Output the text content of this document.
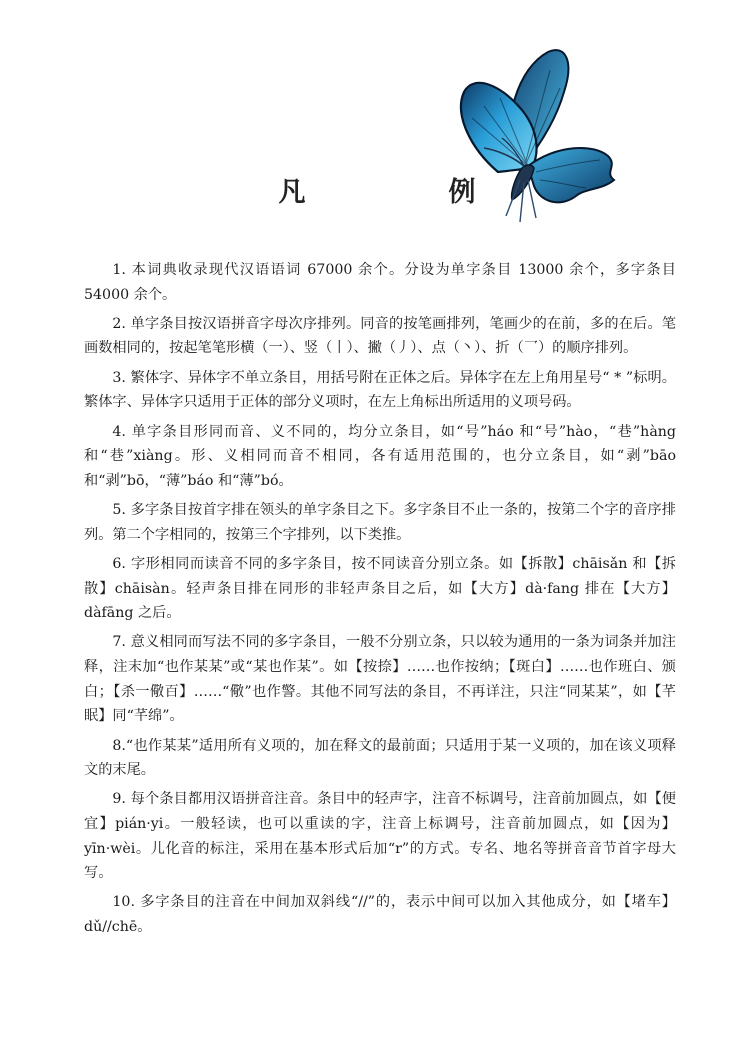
凡　例

1. 本词典收录现代汉语语词 67000 余个。分设为单字条目 13000 余个，多字条目 54000 余个。

2. 单字条目按汉语拼音字母次序排列。同音的按笔画排列，笔画少的在前，多的在后。笔画数相同的，按起笔笔形横（一）、竖（丨）、撇（丿）、点（丶）、折（乛）的顺序排列。

3. 繁体字、异体字不单立条目，用括号附在正体之后。异体字在左上角用星号“ * ”标明。繁体字、异体字只适用于正体的部分义项时，在左上角标出所适用的义项号码。

4. 单字条目形同而音、义不同的，均分立条目，如“号”háo 和“号”hào，“巷”hàng 和“巷”xiàng。形、义相同而音不相同，各有适用范围的，也分立条目，如“剥”bāo 和“剥”bō，“薄”báo 和“薄”bó。

5. 多字条目按首字排在领头的单字条目之下。多字条目不止一条的，按第二个字的音序排列。第二个字相同的，按第三个字排列，以下类推。

6. 字形相同而读音不同的多字条目，按不同读音分别立条。如【拆散】chāisǎn 和【拆散】chāisàn。轻声条目排在同形的非轻声条目之后，如【大方】dà·fang 排在【大方】dàfāng 之后。

7. 意义相同而写法不同的多字条目，一般不分别立条，只以较为通用的一条为词条并加注释，注末加“也作某某”或“某也作某”。如【按捺】……也作按纳；【斑白】……也作班白、颁白；【杀一儆百】……“儆”也作警。其他不同写法的条目，不再详注，只注“同某某”，如【芊眠】同“芊绵”。

8.“也作某某”适用所有义项的，加在释文的最前面；只适用于某一义项的，加在该义项释文的末尾。

9. 每个条目都用汉语拼音注音。条目中的轻声字，注音不标调号，注音前加圆点，如【便宜】pián·yi。一般轻读，也可以重读的字，注音上标调号，注音前加圆点，如【因为】yīn·wèi。儿化音的标注，采用在基本形式后加“r”的方式。专名、地名等拼音音节首字母大写。

10. 多字条目的注音在中间加双斜线“//”的，表示中间可以加入其他成分，如【堵车】dǔ//chē。
